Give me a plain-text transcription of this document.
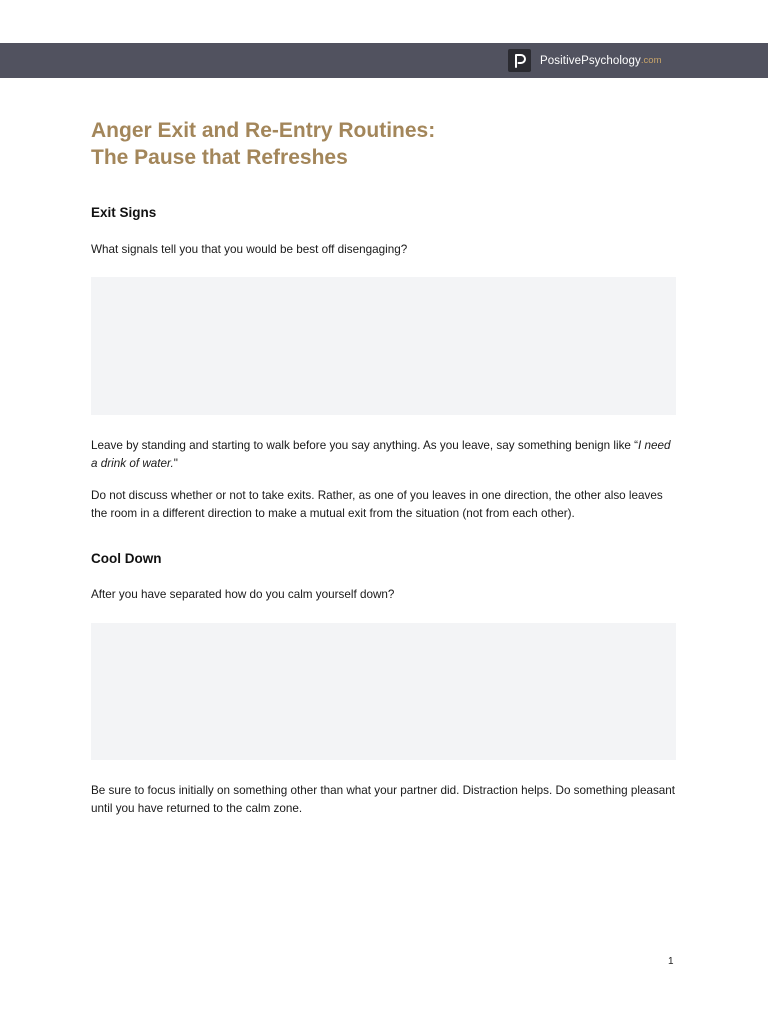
PositivePsychology .com
Anger Exit and Re-Entry Routines:
The Pause that Refreshes
Exit Signs

What signals tell you that you would be best off disengaging?

Leave by standing and starting to walk before you say anything. As you leave, say something benign like “I need a drink of water."

Do not discuss whether or not to take exits. Rather, as one of you leaves in one direction, the other also leaves the room in a different direction to make a mutual exit from the situation (not from each other).

Cool Down

After you have separated how do you calm yourself down?

Be sure to focus initially on something other than what your partner did. Distraction helps. Do something pleasant until you have returned to the calm zone.

1
